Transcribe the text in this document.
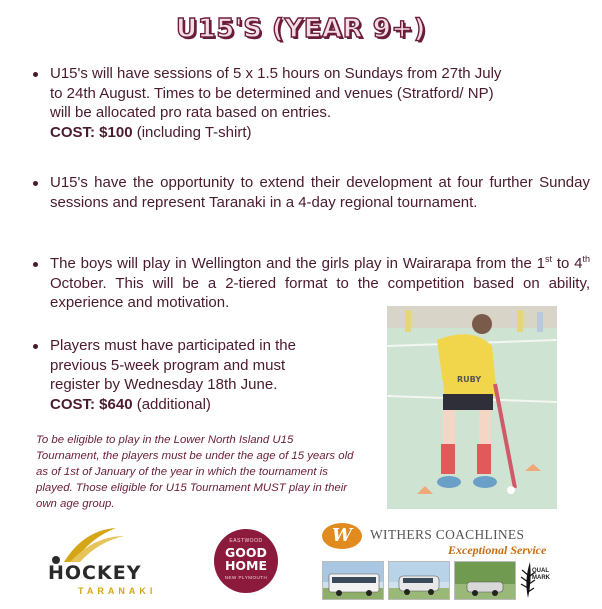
U15'S (YEAR 9+)

U15's will have sessions of 5 x 1.5 hours on Sundays from 27th July

to 24th August. Times to be determined and venues (Stratford/ NP)

will be allocated pro rata based on entries.

COST: $100 (including T-shirt)

U15's have the opportunity to extend their development at four further Sunday sessions and represent Taranaki in a 4-day regional tournament.

The boys will play in Wellington and the girls play in Wairarapa from the 1st to 4th October. This will be a 2-tiered format to the competition based on ability, experience and motivation.

Players must have participated in the

previous 5-week program and must

register by Wednesday 18th June.

COST: $640 (additional)

To be eligible to play in the Lower North Island U15 Tournament, the players must be under the age of 15 years old as of 1st of January of the year in which the tournament is played. Those eligible for U15 Tournament MUST play in their own age group.
RUBY
HOCKEY
TARANAKI
EASTWOOD
GOOD HOME
NEW PLYMOUTH
W	WITHERS COACHLINES
Exceptional Service
QUAL MARK
